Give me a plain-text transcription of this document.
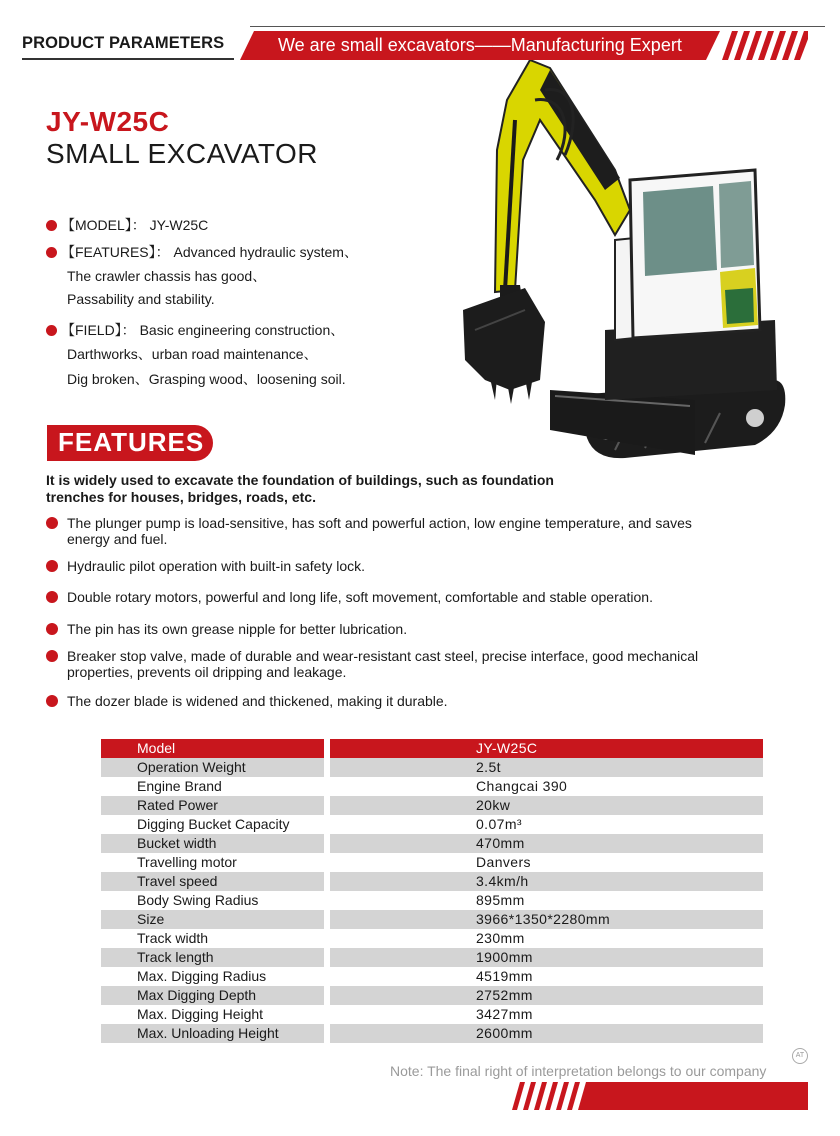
PRODUCT PARAMETERS	We are small excavators——Manufacturing Expert
JY-W25C
SMALL EXCAVATOR
【MODEL】： JY-W25C
【FEATURES】： Advanced hydraulic system、
The crawler chassis has good、
Passability and stability.
【FIELD】： Basic engineering construction、
Darthworks、urban road maintenance、
Dig broken、Grasping wood、loosening soil.
FEATURES
It is widely used to excavate the foundation of buildings, such as foundation trenches for houses, bridges, roads, etc.
The plunger pump is load-sensitive, has soft and powerful action, low engine temperature, and saves energy and fuel.
Hydraulic pilot operation with built-in safety lock.
Double rotary motors, powerful and long life, soft movement, comfortable and stable operation.
The pin has its own grease nipple for better lubrication.
Breaker stop valve, made of durable and wear-resistant cast steel, precise interface, good mechanical properties, prevents oil dripping and leakage.
The dozer blade is widened and thickened, making it durable.
Model	JY-W25C
Operation Weight	2.5t
Engine Brand	Changcai 390
Rated Power	20kw
Digging Bucket Capacity	0.07m³
Bucket width	470mm
Travelling motor	Danvers
Travel speed	3.4km/h
Body Swing Radius	895mm
Size	3966*1350*2280mm
Track width	230mm
Track length	1900mm
Max. Digging Radius	4519mm
Max Digging Depth	2752mm
Max. Digging Height	3427mm
Max. Unloading Height	2600mm
AT
Note: The final right of interpretation belongs to our company
